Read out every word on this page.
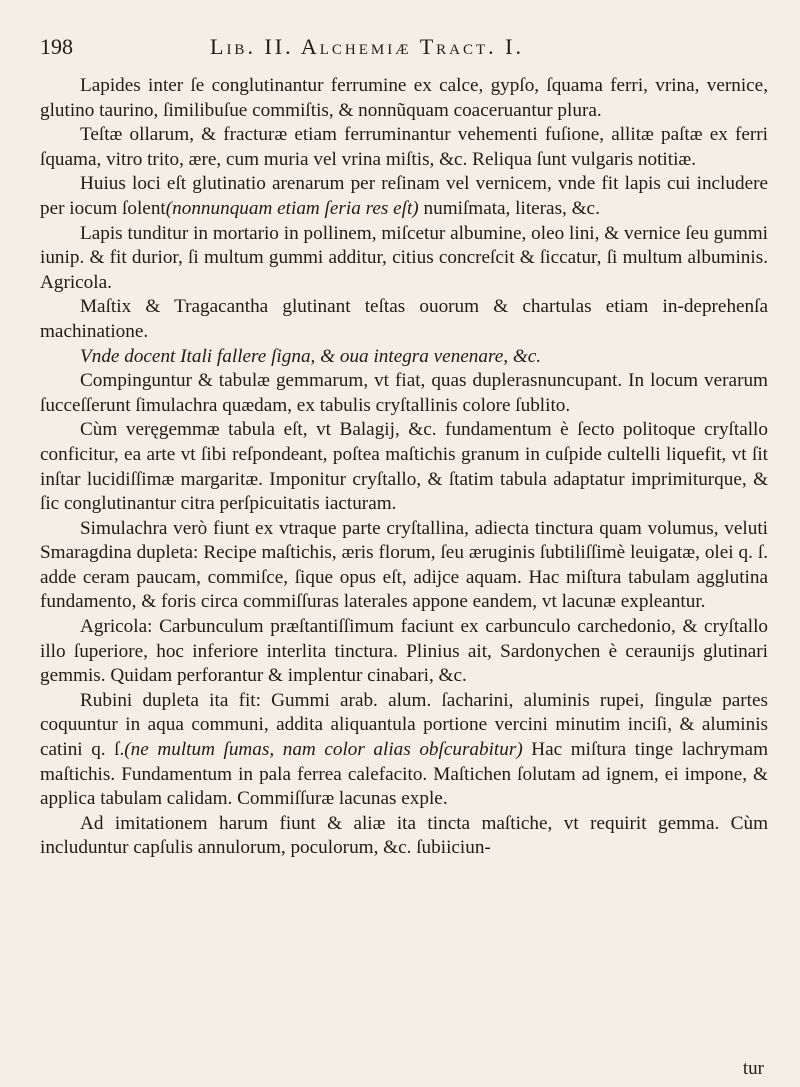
198	Lib. II. Alchemiæ Tract. I.

Lapides inter ſe conglutinantur ferrumine ex calce, gypſo, ſquama ferri, vrina, vernice, glutino taurino, ſimilibuſue commiſtis, & nonnũquam coaceruantur plura.

Teſtæ ollarum, & fracturæ etiam ferruminantur vehementi fuſione, allitæ paſtæ ex ferri ſquama, vitro trito, ære, cum muria vel vrina miſtis, &c. Reliqua ſunt vulgaris notitiæ.

Huius loci eſt glutinatio arenarum per reſinam vel vernicem, vnde fit lapis cui includere per iocum ſolent(nonnunquam etiam ſeria res eſt) numiſmata, literas, &c.

Lapis tunditur in mortario in pollinem, miſcetur albumine, oleo lini, & vernice ſeu gummi iunip. & fit durior, ſi multum gummi additur, citius concreſcit & ſiccatur, ſi multum albuminis. Agricola.

Maſtix & Tragacantha glutinant teſtas ouorum & chartulas etiam in-deprehenſa machinatione.

Vnde docent Itali fallere ſigna, & oua integra venenare, &c.

Compinguntur & tabulæ gemmarum, vt fiat, quas duplerasnuncupant. In locum verarum ſucceſſerunt ſimulachra quædam, ex tabulis cryſtallinis colore ſublito.

Cùm veręgemmæ tabula eſt, vt Balagij, &c. fundamentum è ſecto politoque cryſtallo conficitur, ea arte vt ſibi reſpondeant, poſtea maſtichis granum in cuſpide cultelli liquefit, vt ſit inſtar lucidiſſimæ margaritæ. Imponitur cryſtallo, & ſtatim tabula adaptatur imprimiturque, & ſic conglutinantur citra perſpicuitatis iacturam.

Simulachra verò fiunt ex vtraque parte cryſtallina, adiecta tinctura quam volumus, veluti Smaragdina dupleta: Recipe maſtichis, æris florum, ſeu æruginis ſubtiliſſimè leuigatæ, olei q. ſ. adde ceram paucam, commiſce, ſique opus eſt, adijce aquam. Hac miſtura tabulam agglutina fundamento, & foris circa commiſſuras laterales appone eandem, vt lacunæ expleantur.

Agricola: Carbunculum præſtantiſſimum faciunt ex carbunculo carchedonio, & cryſtallo illo ſuperiore, hoc inferiore interlita tinctura. Plinius ait, Sardonychen è ceraunijs glutinari gemmis. Quidam perforantur & implentur cinabari, &c.

Rubini dupleta ita fit: Gummi arab. alum. ſacharini, aluminis rupei, ſingulæ partes coquuntur in aqua communi, addita aliquantula portione vercini minutim inciſi, & aluminis catini q. ſ.(ne multum ſumas, nam color alias obſcurabitur) Hac miſtura tinge lachrymam maſtichis. Fundamentum in pala ferrea calefacito. Maſtichen ſolutam ad ignem, ei impone, & applica tabulam calidam. Commiſſuræ lacunas exple.

Ad imitationem harum fiunt & aliæ ita tincta maſtiche, vt requirit gemma. Cùm includuntur capſulis annulorum, poculorum, &c. ſubiiciun-

tur
